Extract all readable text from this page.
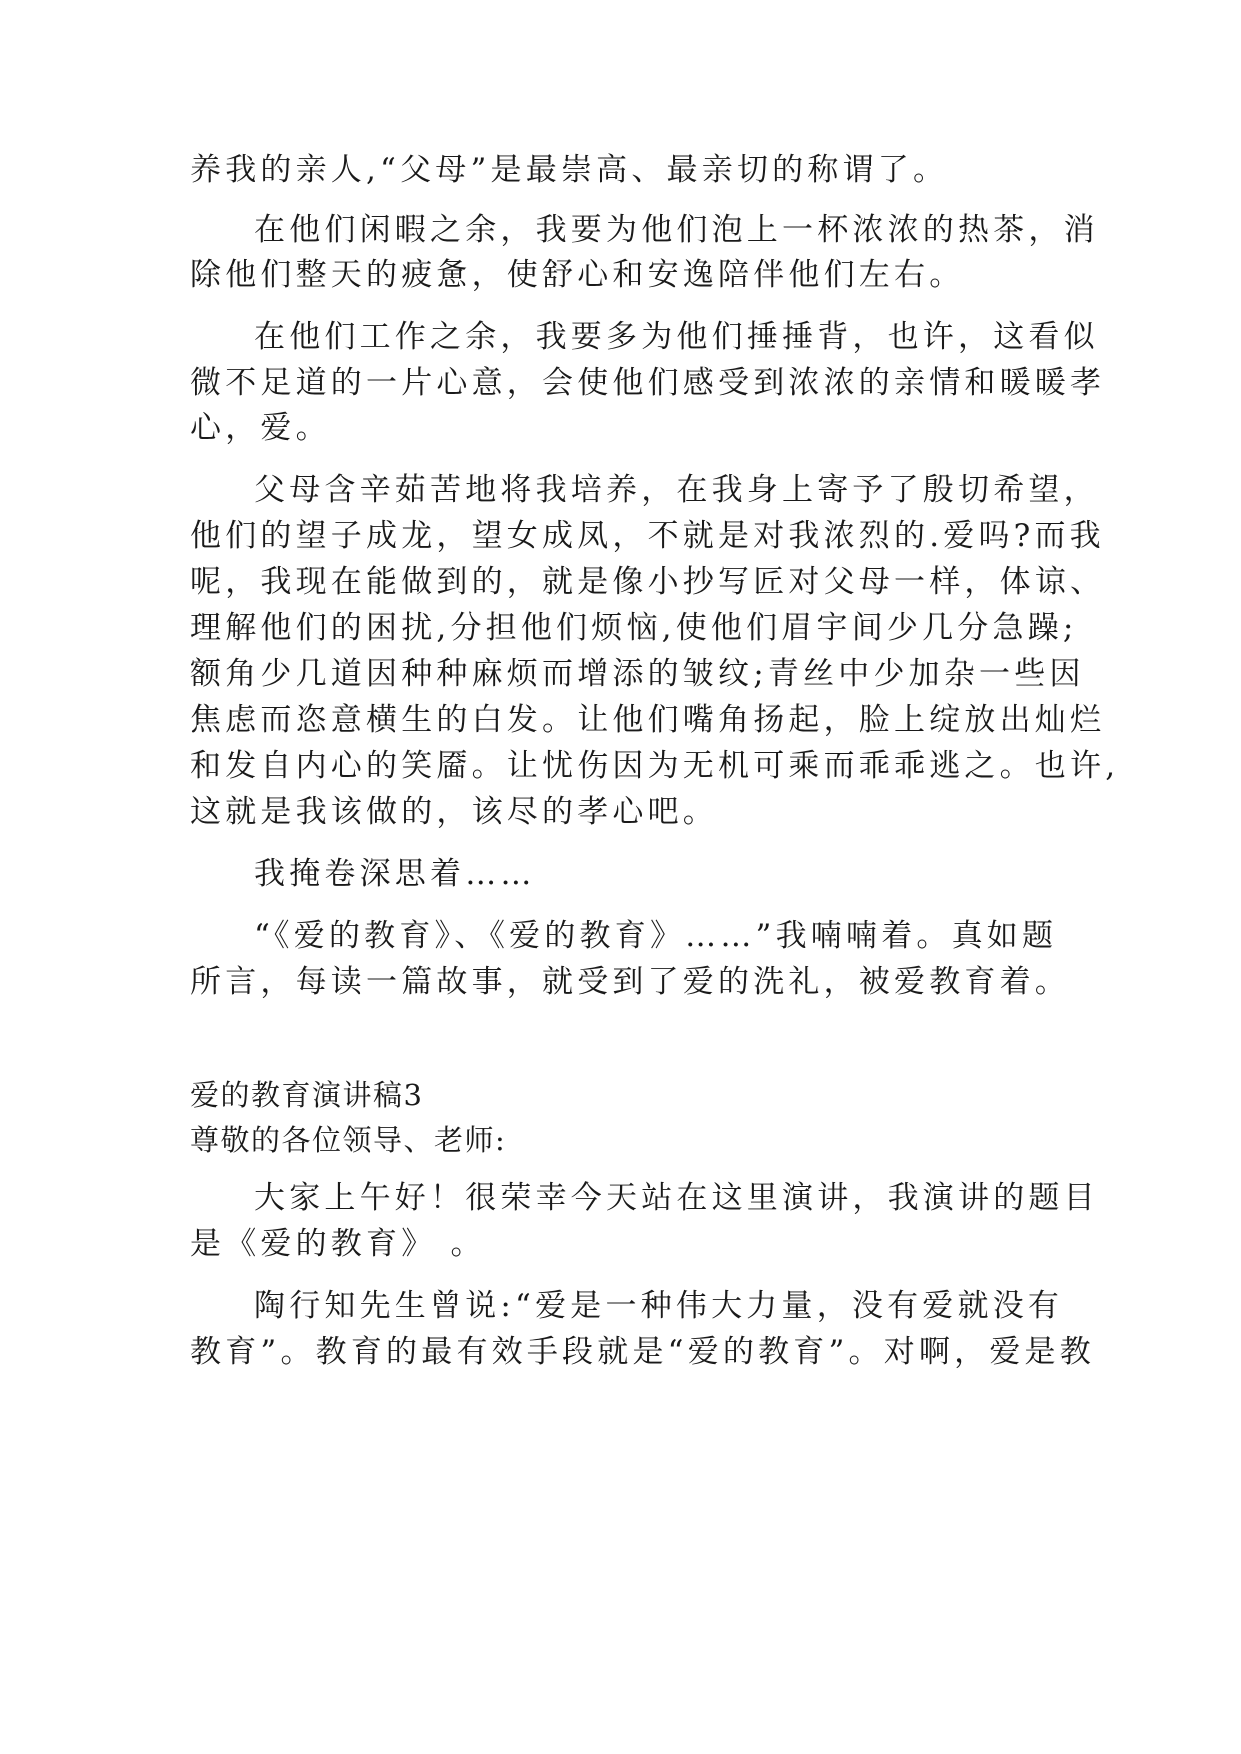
养我的亲人,“父母”是最崇高、最亲切的称谓了。
在他们闲暇之余，我要为他们泡上一杯浓浓的热茶，消
除他们整天的疲惫，使舒心和安逸陪伴他们左右。
在他们工作之余，我要多为他们捶捶背，也许，这看似
微不足道的一片心意，会使他们感受到浓浓的亲情和暖暖孝
心，爱。
父母含辛茹苦地将我培养，在我身上寄予了殷切希望，
他们的望子成龙，望女成凤，不就是对我浓烈的.爱吗?而我
呢，我现在能做到的，就是像小抄写匠对父母一样，体谅、
理解他们的困扰,分担他们烦恼,使他们眉宇间少几分急躁;
额角少几道因种种麻烦而增添的皱纹;青丝中少加杂一些因
焦虑而恣意横生的白发。让他们嘴角扬起，脸上绽放出灿烂
和发自内心的笑靥。让忧伤因为无机可乘而乖乖逃之。也许,
这就是我该做的，该尽的孝心吧。
我掩卷深思着……
“《爱的教育》、《爱的教育》……”我喃喃着。真如题
所言，每读一篇故事，就受到了爱的洗礼，被爱教育着。
爱的教育演讲稿3
尊敬的各位领导、老师:
大家上午好！很荣幸今天站在这里演讲，我演讲的题目
是《爱的教育》 。
陶行知先生曾说:“爱是一种伟大力量，没有爱就没有
教育”。教育的最有效手段就是“爱的教育”。对啊，爱是教
